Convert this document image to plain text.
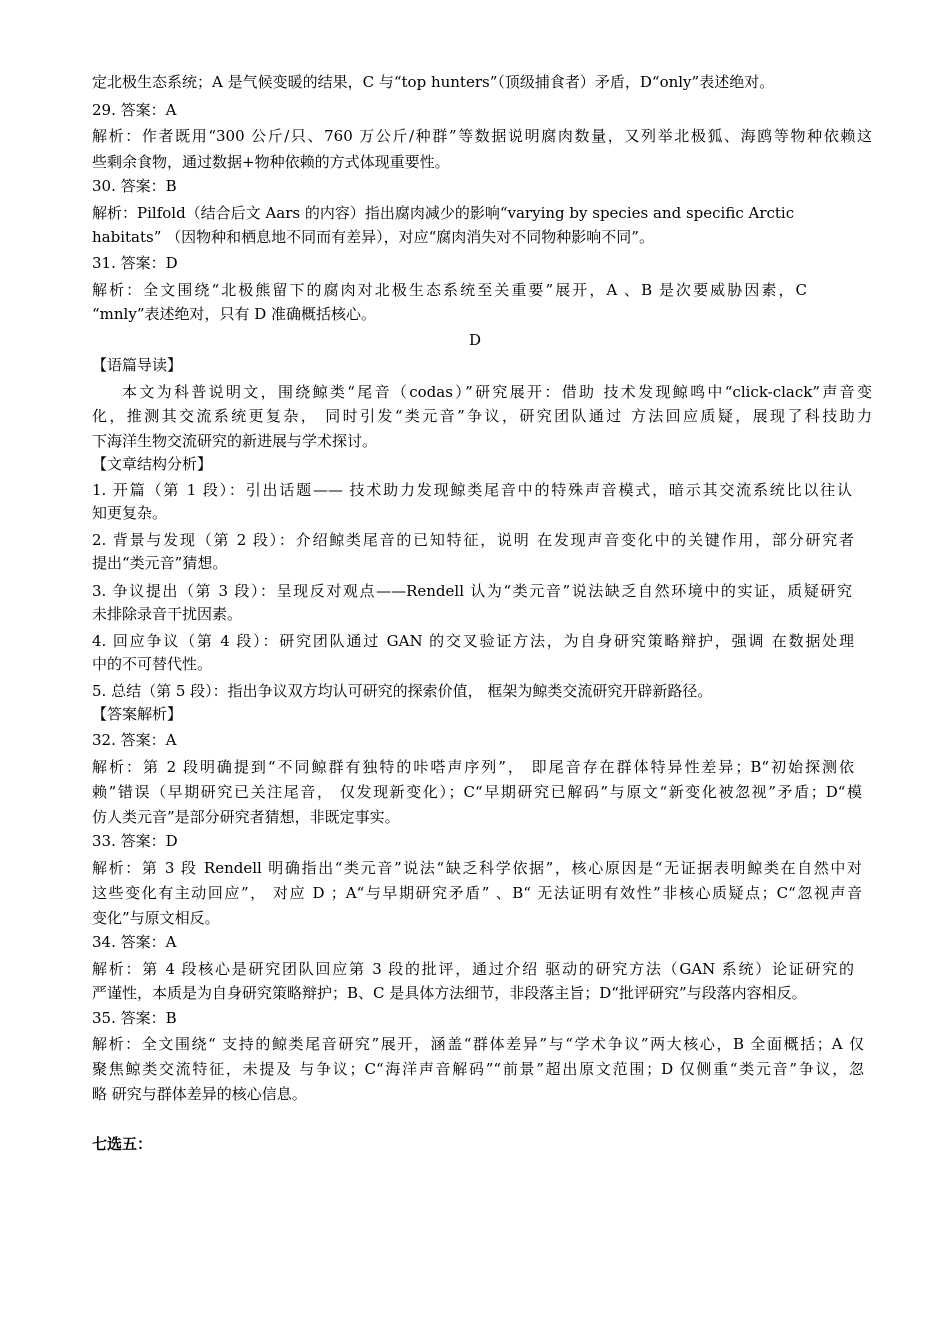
定北极生态系统；A 是气候变暖的结果，C 与“top hunters”（顶级捕食者）矛盾，D“only”表述绝对。
29. 答案：A
解析：作者既用“300 公斤/只、760 万公斤/种群”等数据说明腐肉数量，又列举北极狐、海鸥等物种依赖这
些剩余食物，通过数据+物种依赖的方式体现重要性。
30. 答案：B
解析：Pilfold（结合后文 Aars 的内容）指出腐肉减少的影响“varying by species and specific Arctic
habitats” （因物种和栖息地不同而有差异），对应“腐肉消失对不同物种影响不同”。
31. 答案：D
解析：全文围绕“北极熊留下的腐肉对北极生态系统至关重要”展开，A 、B 是次要威胁因素，C
“mnly”表述绝对，只有 D 准确概括核心。
D
【语篇导读】
本文为科普说明文，围绕鲸类“尾音（codas）”研究展开：借助 技术发现鲸鸣中“click-clack”声音变
化，推测其交流系统更复杂， 同时引发“类元音”争议，研究团队通过 方法回应质疑，展现了科技助力
下海洋生物交流研究的新进展与学术探讨。
【文章结构分析】
1. 开篇（第 1 段）：引出话题—— 技术助力发现鲸类尾音中的特殊声音模式，暗示其交流系统比以往认
知更复杂。
2. 背景与发现（第 2 段）：介绍鲸类尾音的已知特征，说明 在发现声音变化中的关键作用，部分研究者
提出“类元音”猜想。
3. 争议提出（第 3 段）：呈现反对观点——Rendell 认为“类元音”说法缺乏自然环境中的实证，质疑研究
未排除录音干扰因素。
4. 回应争议（第 4 段）：研究团队通过 GAN 的交叉验证方法，为自身研究策略辩护，强调 在数据处理
中的不可替代性。
5. 总结（第 5 段）：指出争议双方均认可研究的探索价值， 框架为鲸类交流研究开辟新路径。
【答案解析】
32. 答案：A
解析：第 2 段明确提到“不同鲸群有独特的咔嗒声序列”， 即尾音存在群体特异性差异；B“初始探测依
赖”错误（早期研究已关注尾音， 仅发现新变化）；C“早期研究已解码”与原文“新变化被忽视”矛盾；D“模
仿人类元音”是部分研究者猜想，非既定事实。
33. 答案：D
解析：第 3 段 Rendell 明确指出“类元音”说法“缺乏科学依据”，核心原因是“无证据表明鲸类在自然中对
这些变化有主动回应”， 对应 D ；A“与早期研究矛盾” 、B“ 无法证明有效性”非核心质疑点；C“忽视声音
变化”与原文相反。
34. 答案：A
解析：第 4 段核心是研究团队回应第 3 段的批评，通过介绍 驱动的研究方法（GAN 系统）论证研究的
严谨性，本质是为自身研究策略辩护；B、C 是具体方法细节，非段落主旨；D“批评研究”与段落内容相反。
35. 答案：B
解析：全文围绕“ 支持的鲸类尾音研究”展开，涵盖“群体差异”与“学术争议”两大核心，B 全面概括；A 仅
聚焦鲸类交流特征，未提及 与争议；C“海洋声音解码”“前景”超出原文范围；D 仅侧重“类元音”争议，忽
略 研究与群体差异的核心信息。
七选五：
